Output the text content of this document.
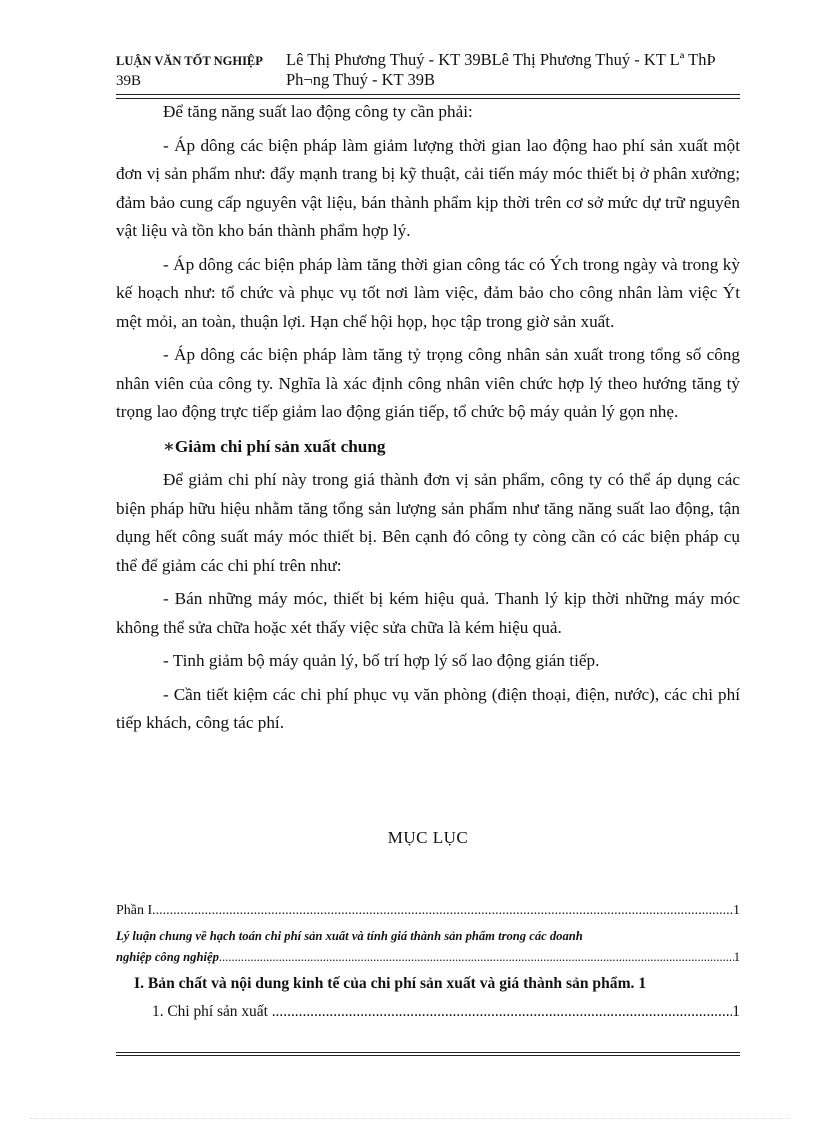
LUẬN VĂN TỐT NGHIỆP
39B
Lê Thị Phương Thuý - KT 39BLê Thị Phương Thuý - KT Lª ThÞ Ph¬ng Thuý - KT 39B

Để tăng năng suất lao động công ty cần phải:

- Áp dông các biện pháp làm giảm lượng thời gian lao động hao phí sản xuất một đơn vị sản phẩm như: đẩy mạnh trang bị kỹ thuật, cải tiến máy móc thiết bị ở phân xưởng; đảm bảo cung cấp nguyên vật liệu, bán thành phẩm kịp thời trên cơ sở mức dự trữ nguyên vật liệu và tồn kho bán thành phẩm hợp lý.

- Áp dông các biện pháp làm tăng thời gian công tác có Ých trong ngày và trong kỳ kế hoạch như: tổ chức và phục vụ tốt nơi làm việc, đảm bảo cho công nhân làm việc Ýt mệt mỏi, an toàn, thuận lợi. Hạn chế hội họp, học tập trong giờ sản xuất.

- Áp dông các biện pháp làm tăng tỷ trọng công nhân sản xuất trong tổng số công nhân viên của công ty. Nghĩa là xác định công nhân viên chức hợp lý theo hướng tăng tỷ trọng lao động trực tiếp giảm lao động gián tiếp, tổ chức bộ máy quản lý gọn nhẹ.

∗Giảm chi phí sản xuất chung

Để giảm chi phí này trong giá thành đơn vị sản phẩm, công ty có thể áp dụng các biện pháp hữu hiệu nhằm tăng tổng sản lượng sản phẩm như tăng năng suất lao động, tận dụng hết công suất máy móc thiết bị. Bên cạnh đó công ty còng cần có các biện pháp cụ thể để giảm các chi phí trên như:

- Bán những máy móc, thiết bị kém hiệu quả. Thanh lý kịp thời những máy móc không thể sửa chữa hoặc xét thấy việc sửa chữa là kém hiệu quả.

- Tinh giảm bộ máy quản lý, bố trí hợp lý số lao động gián tiếp.

- Cần tiết kiệm các chi phí phục vụ văn phòng (điện thoại, điện, nước), các chi phí tiếp khách, công tác phí.

MỤC LỤC
Phần I .....	1
Lý luận chung về hạch toán chi phí sản xuất và tính giá thành sản phẩm trong các doanh
nghiệp công nghiệp .....	1
I. Bản chất và nội dung kinh tế của chi phí sản xuất và giá thành sản phẩm. 1
1. Chi phí sản xuất . .....	1
